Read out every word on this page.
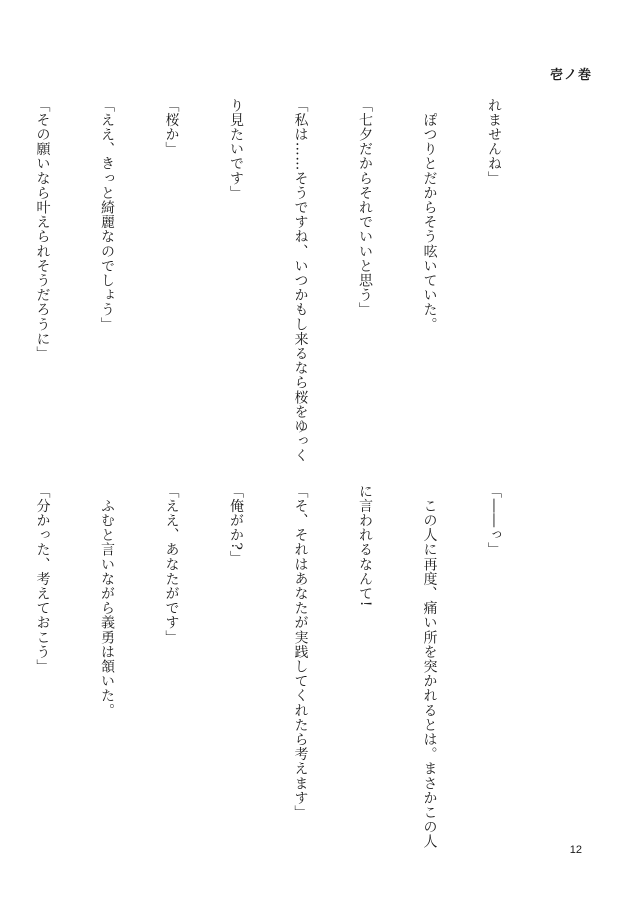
壱ノ巻

れませんね」

　ぽつりとだからそう呟いていた。

「七夕だからそれでいいと思う」

「私は……そうですね、いつかもし来るなら桜をゆっく

り見たいです」

「桜か」

「ええ、きっと綺麗なのでしょう」

「その願いなら叶えられそうだろうに」

「――っ」

　この人に再度、痛い所を突かれるとは。まさかこの人

に言われるなんて!

「そ、それはあなたが実践してくれたら考えます」

「俺がか?」

「ええ、あなたがです」

　ふむと言いながら義勇は頷いた。

「分かった、考えておこう」

12
